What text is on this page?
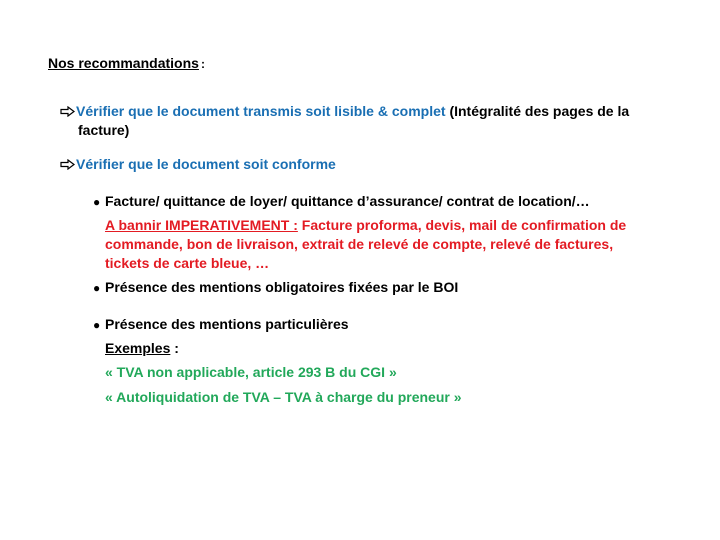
Nos recommandations :
Vérifier que le document transmis soit lisible & complet (Intégralité des pages de la
facture)
Vérifier que le document soit conforme
● Facture/ quittance de loyer/ quittance d’assurance/ contrat de location/…
A bannir IMPERATIVEMENT : Facture proforma, devis, mail de confirmation de
commande, bon de livraison, extrait de relevé de compte, relevé de factures,
tickets de carte bleue, …
● Présence des mentions obligatoires fixées par le BOI
● Présence des mentions particulières
Exemples :
« TVA non applicable, article 293 B du CGI »
« Autoliquidation de TVA – TVA à charge du preneur »
